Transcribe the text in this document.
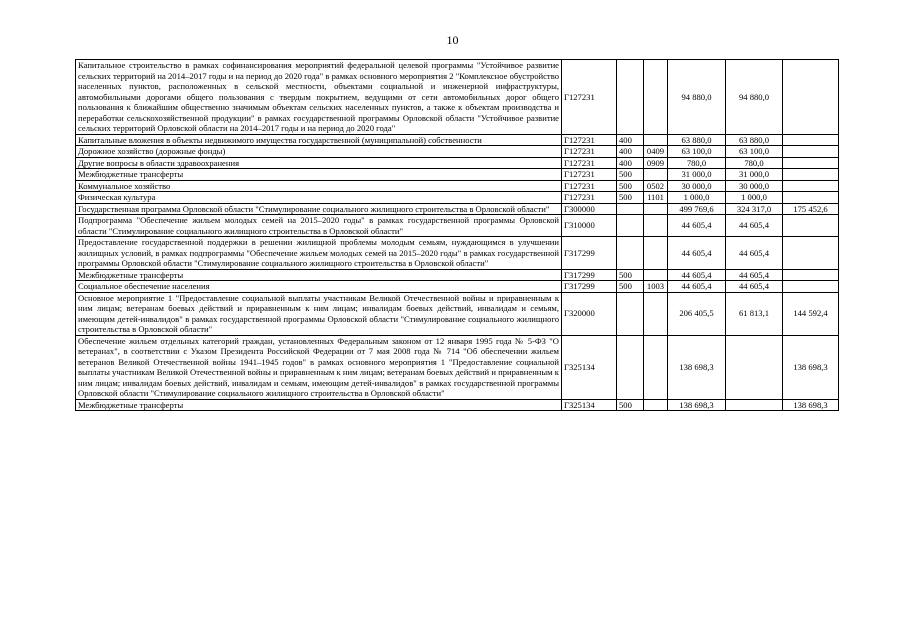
10
Капитальное строительство в рамках софинансирования мероприятий федеральной целевой программы "Устойчивое развитие сельских территорий на 2014–2017 годы и на период до 2020 года" в рамках основного мероприятия 2 "Комплексное обустройство населенных пунктов, расположенных в сельской местности, объектами социальной и инженерной инфраструктуры, автомобильными дорогами общего пользования с твердым покрытием, ведущими от сети автомобильных дорог общего пользования к ближайшим общественно значимым объектам сельских населенных пунктов, а также к объектам производства и переработки сельскохозяйственной продукции" в рамках государственной программы Орловской области "Устойчивое развитие сельских территорий Орловской области на 2014–2017 годы и на период до 2020 года"	Г127231			94 880,0	94 880,0	
Капитальные вложения в объекты недвижимого имущества государственной (муниципальной) собственности	Г127231	400		63 880,0	63 880,0	
Дорожное хозяйство (дорожные фонды)	Г127231	400	0409	63 100,0	63 100,0	
Другие вопросы в области здравоохранения	Г127231	400	0909	780,0	780,0	
Межбюджетные трансферты	Г127231	500		31 000,0	31 000,0	
Коммунальное хозяйство	Г127231	500	0502	30 000,0	30 000,0	
Физическая культура	Г127231	500	1101	1 000,0	1 000,0	
Государственная программа Орловской области "Стимулирование социального жилищного строительства в Орловской области"	Г300000			499 769,6	324 317,0	175 452,6
Подпрограмма "Обеспечение жильем молодых семей на 2015–2020 годы" в рамках государственной программы Орловской области "Стимулирование социального жилищного строительства в Орловской области"	Г310000			44 605,4	44 605,4	
Предоставление государственной поддержки в решении жилищной проблемы молодым семьям, нуждающимся в улучшении жилищных условий, в рамках подпрограммы "Обеспечение жильем молодых семей на 2015–2020 годы" в рамках государственной программы Орловской области "Стимулирование социального жилищного строительства в Орловской области"	Г317299			44 605,4	44 605,4	
Межбюджетные трансферты	Г317299	500		44 605,4	44 605,4	
Социальное обеспечение населения	Г317299	500	1003	44 605,4	44 605,4	
Основное мероприятие 1 "Предоставление социальной выплаты участникам Великой Отечественной войны и приравненным к ним лицам; ветеранам боевых действий и приравненным к ним лицам; инвалидам боевых действий, инвалидам и семьям, имеющим детей-инвалидов" в рамках государственной программы Орловской области "Стимулирование социального жилищного строительства в Орловской области"	Г320000			206 405,5	61 813,1	144 592,4
Обеспечение жильем отдельных категорий граждан, установленных Федеральным законом от 12 января 1995 года № 5-ФЗ "О ветеранах", в соответствии с Указом Президента Российской Федерации от 7 мая 2008 года № 714 "Об обеспечении жильем ветеранов Великой Отечественной войны 1941–1945 годов" в рамках основного мероприятия 1 "Предоставление социальной выплаты участникам Великой Отечественной войны и приравненным к ним лицам; ветеранам боевых действий и приравненным к ним лицам; инвалидам боевых действий, инвалидам и семьям, имеющим детей-инвалидов" в рамках государственной программы Орловской области "Стимулирование социального жилищного строительства в Орловской области"	Г325134			138 698,3		138 698,3
Межбюджетные трансферты	Г325134	500		138 698,3		138 698,3
